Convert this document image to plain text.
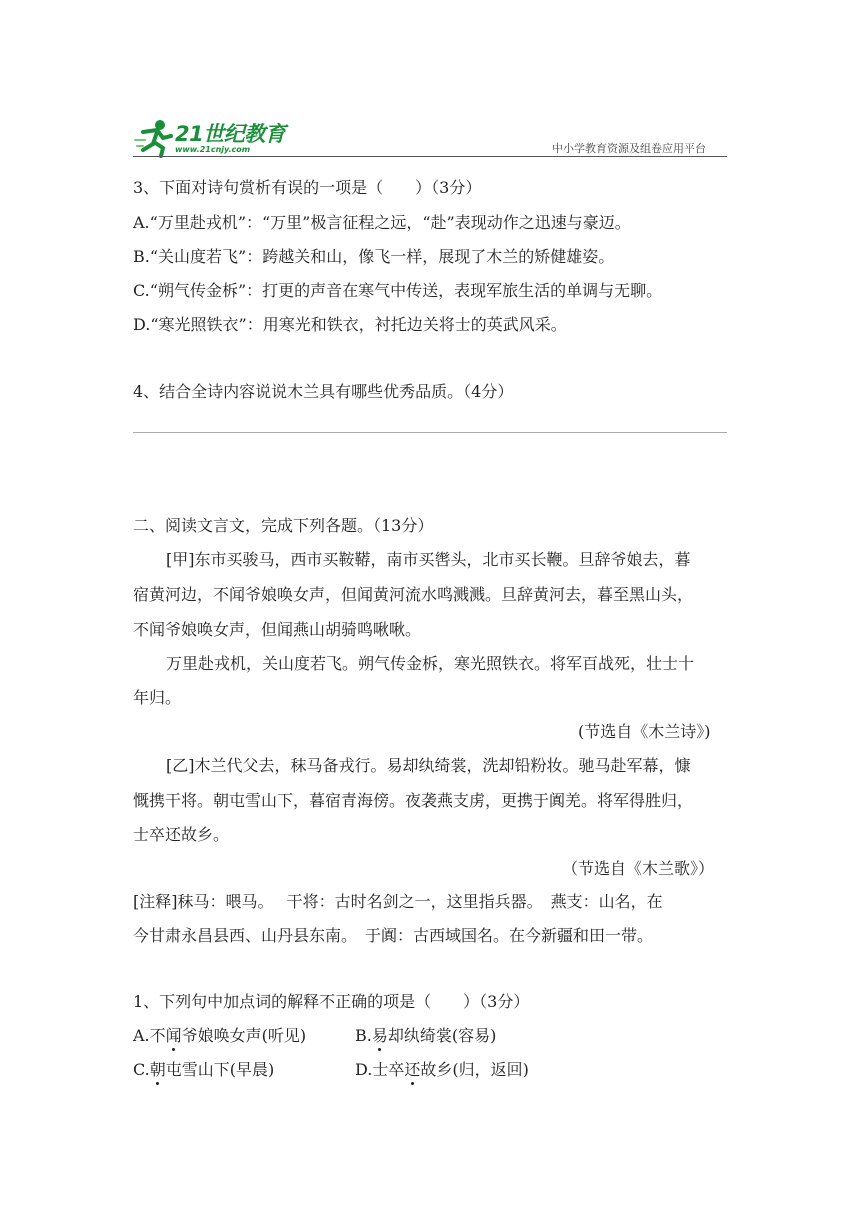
21世纪教育
www.21cnjy.com	中小学教育资源及组卷应用平台
3、下面对诗句赏析有误的一项是（　　）（3分）
A.“万里赴戎机”：“万里”极言征程之远，“赴”表现动作之迅速与豪迈。
B.“关山度若飞”：跨越关和山，像飞一样，展现了木兰的矫健雄姿。
C.“朔气传金柝”：打更的声音在寒气中传送，表现军旅生活的单调与无聊。
D.“寒光照铁衣”：用寒光和铁衣，衬托边关将士的英武风采。
4、结合全诗内容说说木兰具有哪些优秀品质。（4分）
二、阅读文言文，完成下列各题。（13分）
[甲]东市买骏马，西市买鞍鞯，南市买辔头，北市买长鞭。旦辞爷娘去，暮
宿黄河边，不闻爷娘唤女声，但闻黄河流水鸣溅溅。旦辞黄河去，暮至黑山头，
不闻爷娘唤女声，但闻燕山胡骑鸣啾啾。
万里赴戎机，关山度若飞。朔气传金柝，寒光照铁衣。将军百战死，壮士十
年归。
(节选自《木兰诗》)
[乙]木兰代父去，秣马备戎行。易却纨绮裳，洗却铅粉妆。驰马赴军幕，慷
慨携干将。朝屯雪山下，暮宿青海傍。夜袭燕支虏，更携于阗羌。将军得胜归，
士卒还故乡。
（节选自《木兰歌》）
[注释]秣马：喂马。　 干将：古时名剑之一，这里指兵器。　燕支：山名，在
今甘肃永昌县西、山丹县东南。　于阗：古西域国名。在今新疆和田一带。
1、下列句中加点词的解释不正确的项是（　　）（3分）
A.不闻爷娘唤女声(听见)	B.易却纨绮裳(容易)
C.朝屯雪山下(早晨)	D.士卒还故乡(归，返回)
